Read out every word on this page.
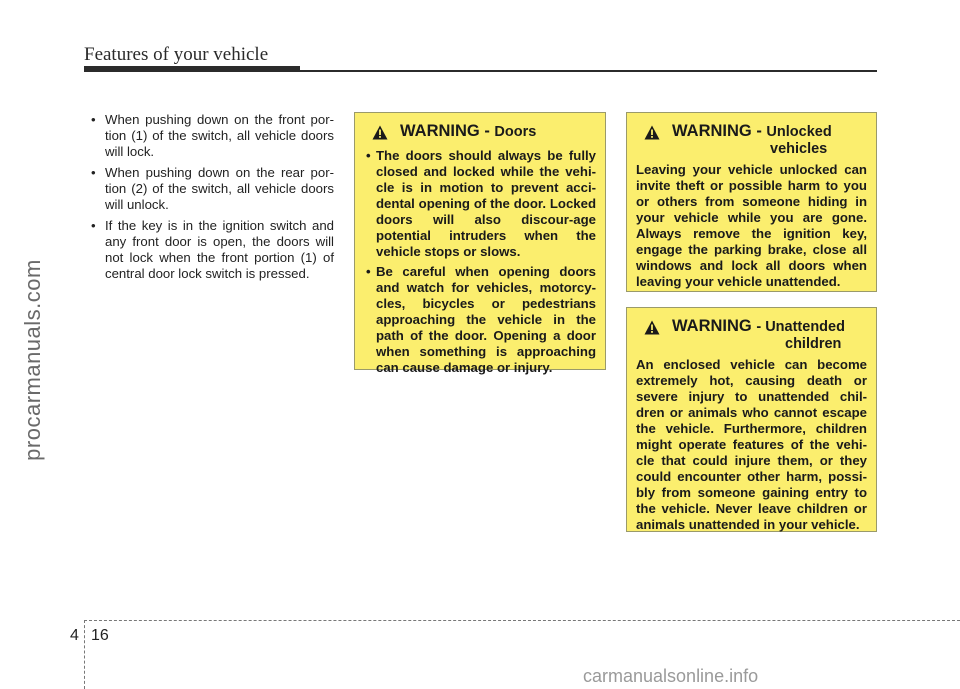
Features of your vehicle
procarmanuals.com
• When pushing down on the front por-tion (1) of the switch, all vehicle doors will lock.
• When pushing down on the rear por-tion (2) of the switch, all vehicle doors will unlock.
• If the key is in the ignition switch and any front door is open, the doors will not lock when the front portion (1) of central door lock switch is pressed.
WARNING - Doors
• The doors should always be fully closed and locked while the vehi-cle is in motion to prevent acci-dental opening of the door. Locked doors will also discour-age potential intruders when the vehicle stops or slows.
• Be careful when opening doors and watch for vehicles, motorcy-cles, bicycles or pedestrians approaching the vehicle in the path of the door. Opening a door when something is approaching can cause damage or injury.
WARNING - Unlocked
vehicles
Leaving your vehicle unlocked can invite theft or possible harm to you or others from someone hiding in your vehicle while you are gone. Always remove the ignition key, engage the parking brake, close all windows and lock all doors when leaving your vehicle unattended.
WARNING - Unattended
children
An enclosed vehicle can become extremely hot, causing death or severe injury to unattended chil-dren or animals who cannot escape the vehicle. Furthermore, children might operate features of the vehi-cle that could injure them, or they could encounter other harm, possi-bly from someone gaining entry to the vehicle. Never leave children or animals unattended in your vehicle.
4 16
carmanualsonline.info
